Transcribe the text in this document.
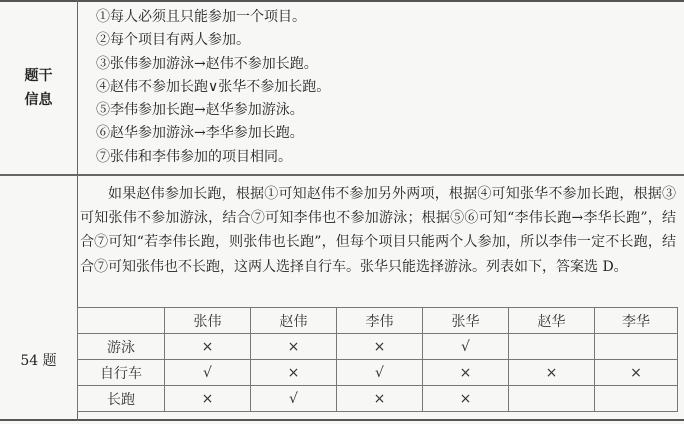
题干信息
①每人必须且只能参加一个项目。
②每个项目有两人参加。
③张伟参加游泳→赵伟不参加长跑。
④赵伟不参加长跑∨张华不参加长跑。
⑤李伟参加长跑→赵华参加游泳。
⑥赵华参加游泳→李华参加长跑。
⑦张伟和李伟参加的项目相同。
54 题
如果赵伟参加长跑，根据①可知赵伟不参加另外两项，根据④可知张华不参加长跑，根据③可知张伟不参加游泳，结合⑦可知李伟也不参加游泳；根据⑤⑥可知“李伟长跑→李华长跑”，结合⑦可知“若李伟长跑，则张伟也长跑”，但每个项目只能两个人参加，所以李伟一定不长跑，结合⑦可知张伟也不长跑，这两人选择自行车。张华只能选择游泳。列表如下，答案选 D。
	张伟	赵伟	李伟	张华	赵华	李华
游泳	×	×	×	√		
自行车	√	×	√	×	×	×
长跑	×	√	×	×		
